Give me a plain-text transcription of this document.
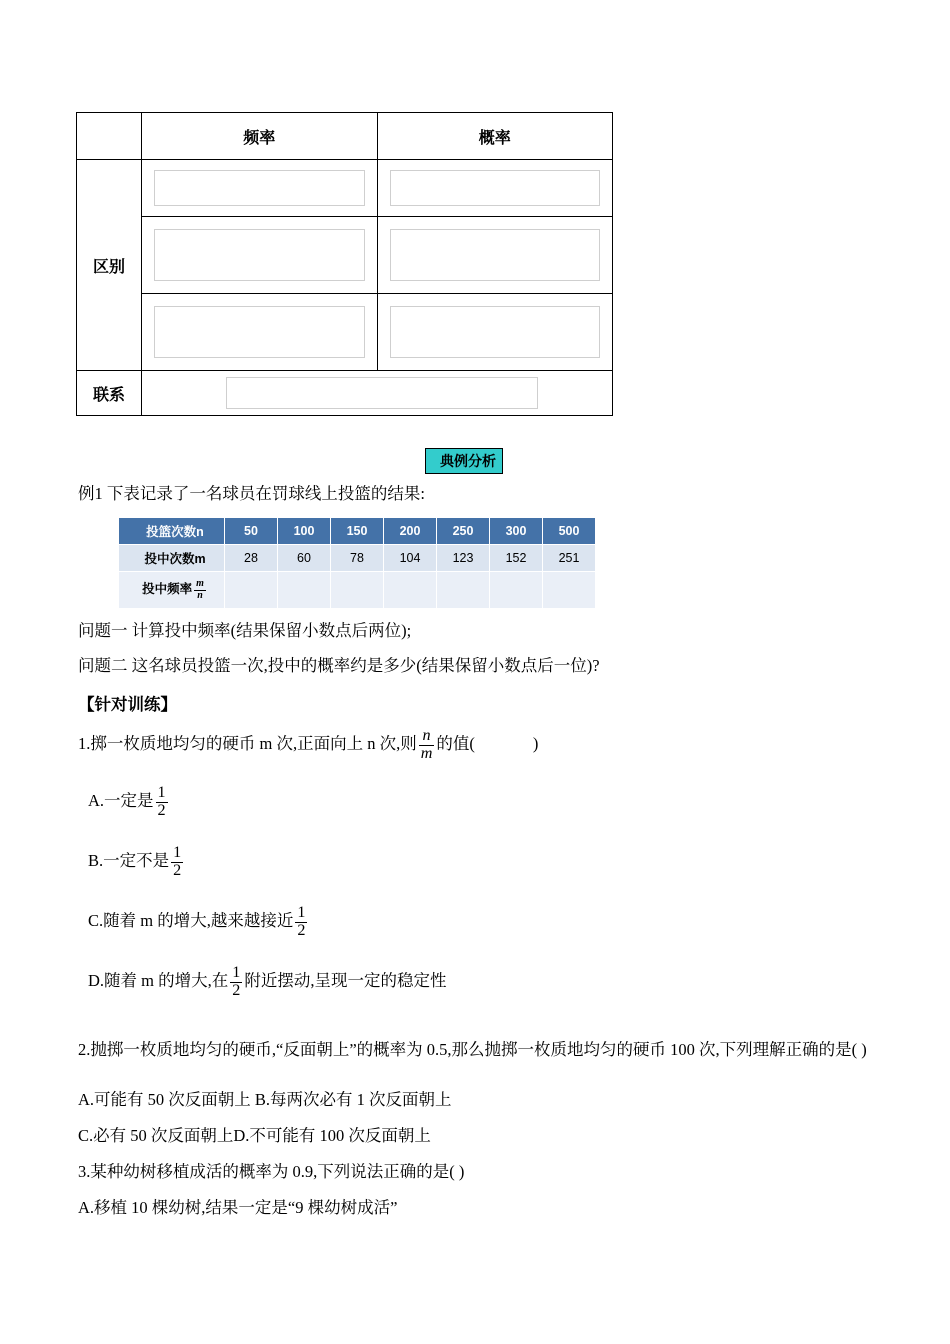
	频率	概率
区别	

联系		
典例分析
例1 下表记录了一名球员在罚球线上投篮的结果:
投篮次数n	50	100	150	200	250	300	500
投中次数m	28	60	78	104	123	152	251
投中频率 $\frac{m}{n}$

问题一 计算投中频率(结果保留小数点后两位);
问题二 这名球员投篮一次,投中的概率约是多少(结果保留小数点后一位)?
【针对训练】
1.掷一枚质地均匀的硬币 m 次,正面向上 n 次,则 $\frac{n}{m}$ 的值(	)
A.一定是 $\frac{1}{2}$
B.一定不是 $\frac{1}{2}$
C.随着 m 的增大,越来越接近 $\frac{1}{2}$
D.随着 m 的增大,在 $\frac{1}{2}$ 附近摆动,呈现一定的稳定性
2.抛掷一枚质地均匀的硬币,“反面朝上”的概率为 0.5,那么抛掷一枚质地均匀的硬币 100 次,下列理解正确的是( )
A.可能有 50 次反面朝上 B.每两次必有 1 次反面朝上
C.必有 50 次反面朝上D.不可能有 100 次反面朝上
3.某种幼树移植成活的概率为 0.9,下列说法正确的是( )
A.移植 10 棵幼树,结果一定是“9 棵幼树成活”
